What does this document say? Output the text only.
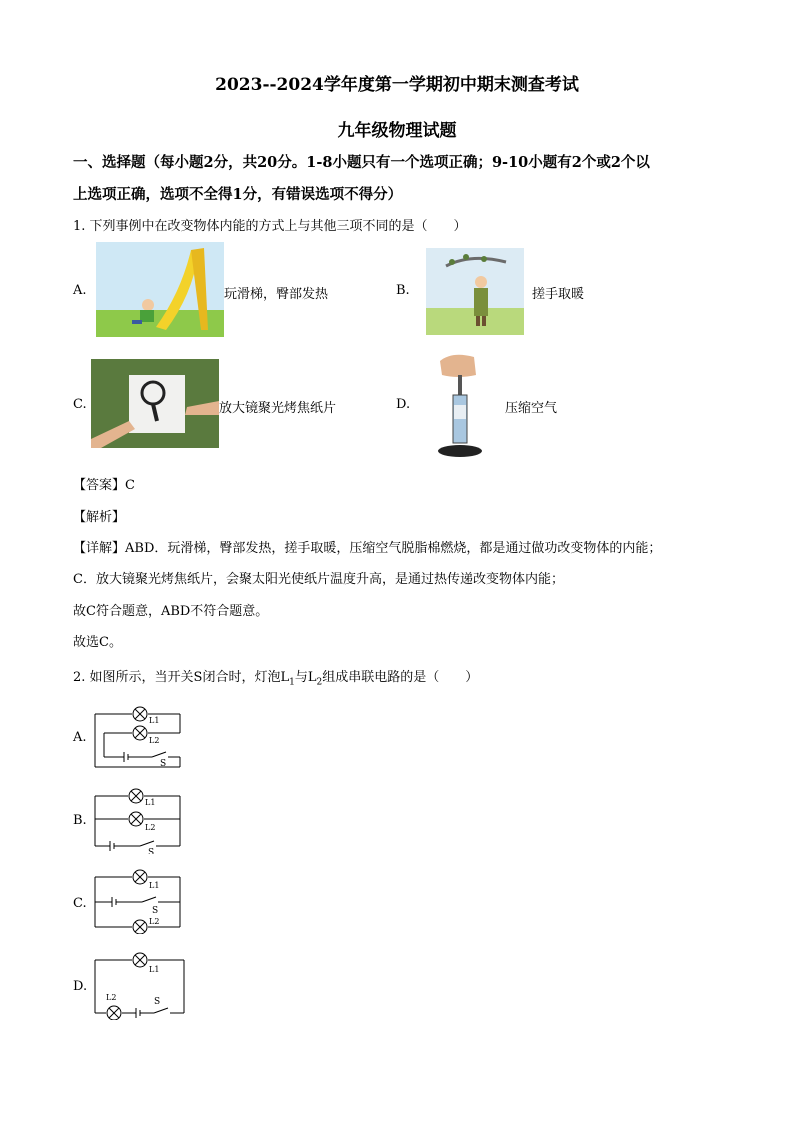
2023--2024学年度第一学期初中期末测查考试
九年级物理试题
一、选择题（每小题2分，共20分。1-8小题只有一个选项正确；9-10小题有2个或2个以
上选项正确，选项不全得1分，有错误选项不得分）
1. 下列事例中在改变物体内能的方式上与其他三项不同的是（　　）
A.	玩滑梯，臀部发热	B.	搓手取暖
C.	放大镜聚光烤焦纸片	D.	压缩空气
【答案】C
【解析】
【详解】ABD．玩滑梯，臀部发热，搓手取暖，压缩空气脱脂棉燃烧，都是通过做功改变物体的内能；
C．放大镜聚光烤焦纸片，会聚太阳光使纸片温度升高，是通过热传递改变物体内能；
故C符合题意，ABD不符合题意。
故选C。
2. 如图所示，当开关S闭合时，灯泡$L_1$与$L_2$组成串联电路的是（　　）
A.
L1
L2
S
B.
L1
L2
S
C.
L1
S
L2
D.
L1
L2	S
